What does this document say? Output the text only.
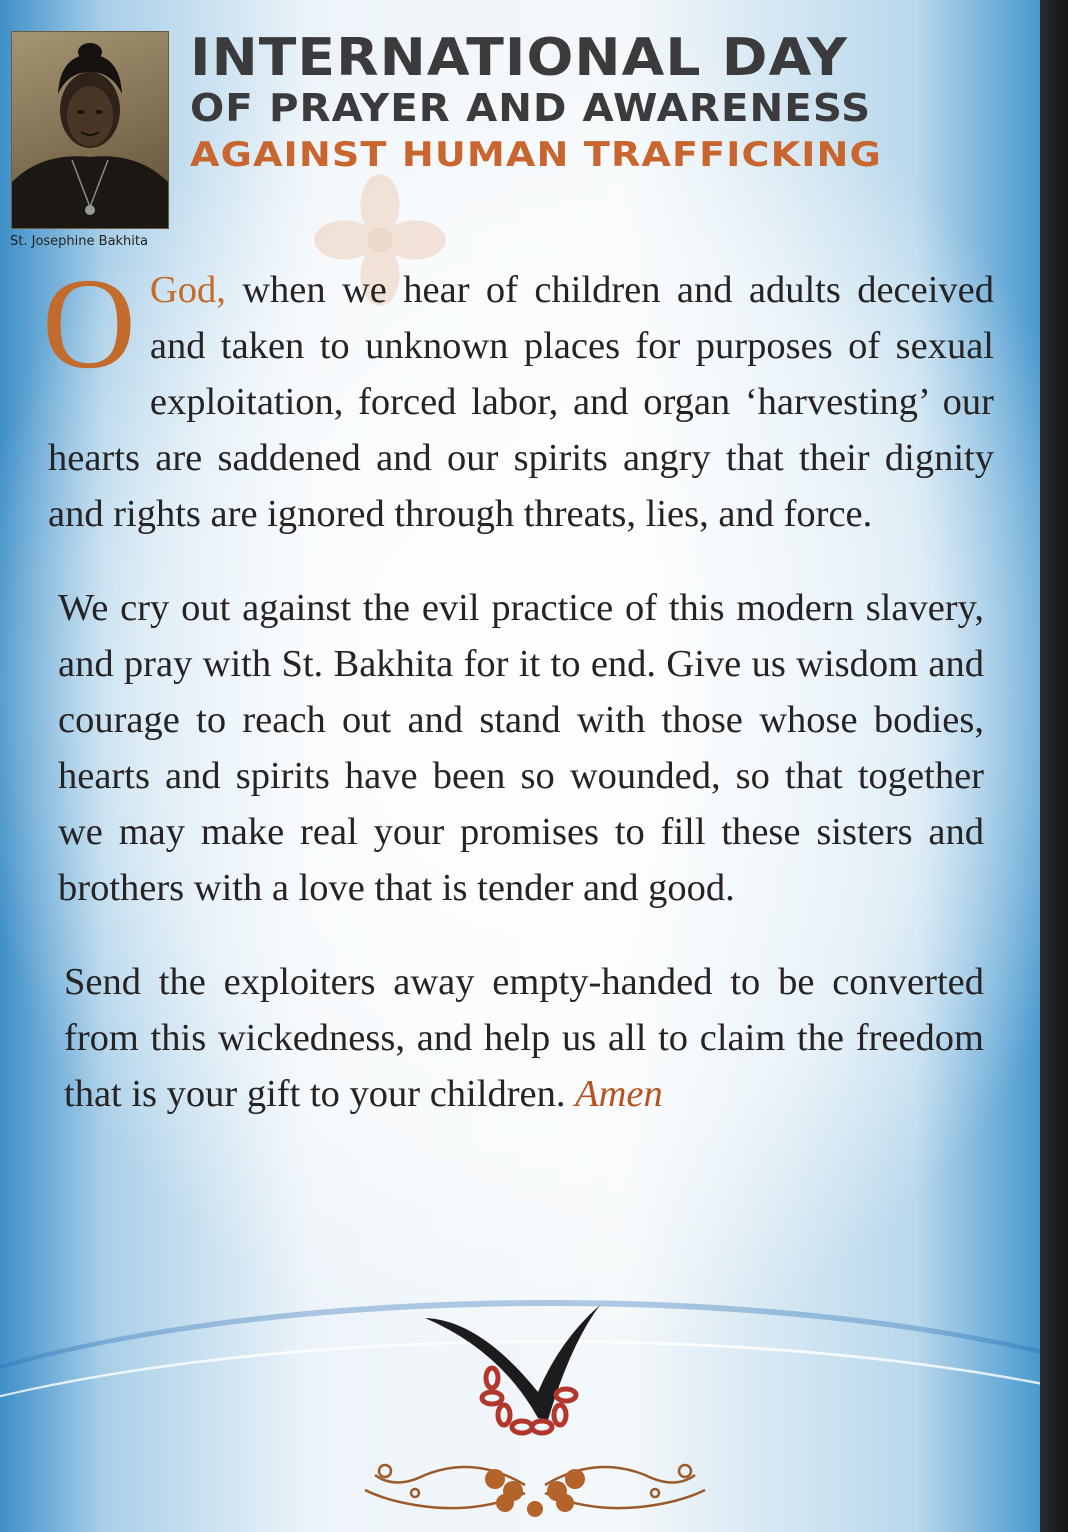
St. Josephine Bakhita
INTERNATIONAL DAY
OF PRAYER AND AWARENESS
AGAINST HUMAN TRAFFICKING

O God, when we hear of children and adults deceived and taken to unknown places for purposes of sexual exploitation, forced labor, and organ ‘harvesting’ our hearts are saddened and our spirits angry that their dignity and rights are ignored through threats, lies, and force.

We cry out against the evil practice of this modern slavery, and pray with St. Bakhita for it to end. Give us wisdom and courage to reach out and stand with those whose bodies, hearts and spirits have been so wounded, so that together we may make real your promises to fill these sisters and brothers with a love that is tender and good.

Send the exploiters away empty-handed to be converted from this wickedness, and help us all to claim the freedom that is your gift to your children. Amen
